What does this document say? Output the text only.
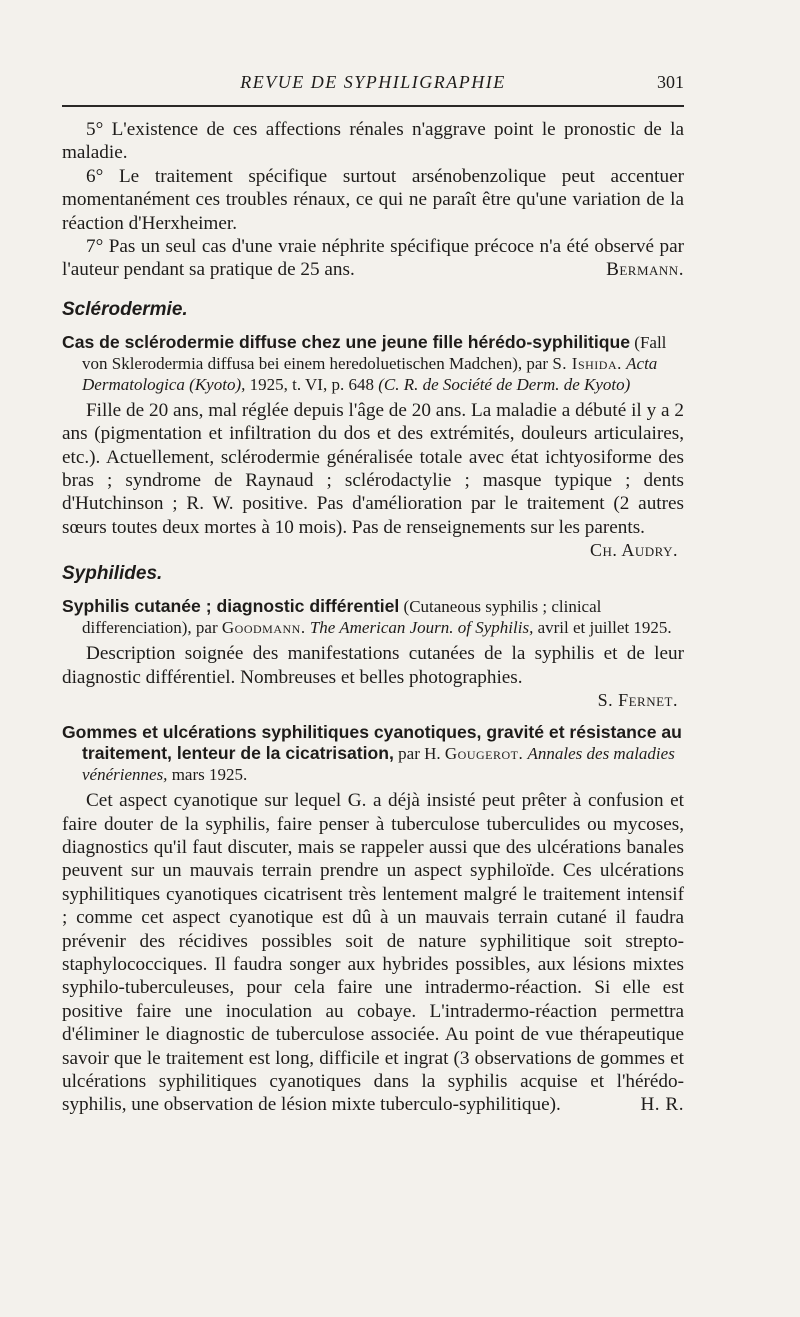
REVUE DE SYPHILIGRAPHIE	301

5° L'existence de ces affections rénales n'aggrave point le pronostic de la maladie.

6° Le traitement spécifique surtout arsénobenzolique peut accentuer momentanément ces troubles rénaux, ce qui ne paraît être qu'une variation de la réaction d'Herxheimer.

7° Pas un seul cas d'une vraie néphrite spécifique précoce n'a été observé par l'auteur pendant sa pratique de 25 ans.	Bermann.

Sclérodermie.
Cas de sclérodermie diffuse chez une jeune fille hérédo-syphilitique (Fall von Sklerodermia diffusa bei einem heredoluetischen Madchen), par S. Ishida. Acta Dermatologica (Kyoto), 1925, t. VI, p. 648 (C. R. de Société de Derm. de Kyoto)

Fille de 20 ans, mal réglée depuis l'âge de 20 ans. La maladie a débuté il y a 2 ans (pigmentation et infiltration du dos et des extrémités, douleurs articulaires, etc.). Actuellement, sclérodermie généralisée totale avec état ichtyosiforme des bras ; syndrome de Raynaud ; sclérodactylie ; masque typique ; dents d'Hutchinson ; R. W. positive. Pas d'amélioration par le traitement (2 autres sœurs toutes deux mortes à 10 mois). Pas de renseignements sur les parents.

Ch. Audry.
Syphilides.
Syphilis cutanée ; diagnostic différentiel (Cutaneous syphilis ; clinical differenciation), par Goodmann. The American Journ. of Syphilis, avril et juillet 1925.

Description soignée des manifestations cutanées de la syphilis et de leur diagnostic différentiel. Nombreuses et belles photographies.

S. Fernet.
Gommes et ulcérations syphilitiques cyanotiques, gravité et résistance au traitement, lenteur de la cicatrisation, par H. Gougerot. Annales des maladies vénériennes, mars 1925.

Cet aspect cyanotique sur lequel G. a déjà insisté peut prêter à confusion et faire douter de la syphilis, faire penser à tuberculose tuberculides ou mycoses, diagnostics qu'il faut discuter, mais se rappeler aussi que des ulcérations banales peuvent sur un mauvais terrain prendre un aspect syphiloïde. Ces ulcérations syphilitiques cyanotiques cicatrisent très lentement malgré le traitement intensif ; comme cet aspect cyanotique est dû à un mauvais terrain cutané il faudra prévenir des récidives possibles soit de nature syphilitique soit strepto-staphylococciques. Il faudra songer aux hybrides possibles, aux lésions mixtes syphilo-tuberculeuses, pour cela faire une intradermo-réaction. Si elle est positive faire une inoculation au cobaye. L'intradermo-réaction permettra d'éliminer le diagnostic de tuberculose associée. Au point de vue thérapeutique savoir que le traitement est long, difficile et ingrat (3 observations de gommes et ulcérations syphilitiques cyanotiques dans la syphilis acquise et l'hérédo-syphilis, une observation de lésion mixte tuberculo-syphilitique).	H. R.
